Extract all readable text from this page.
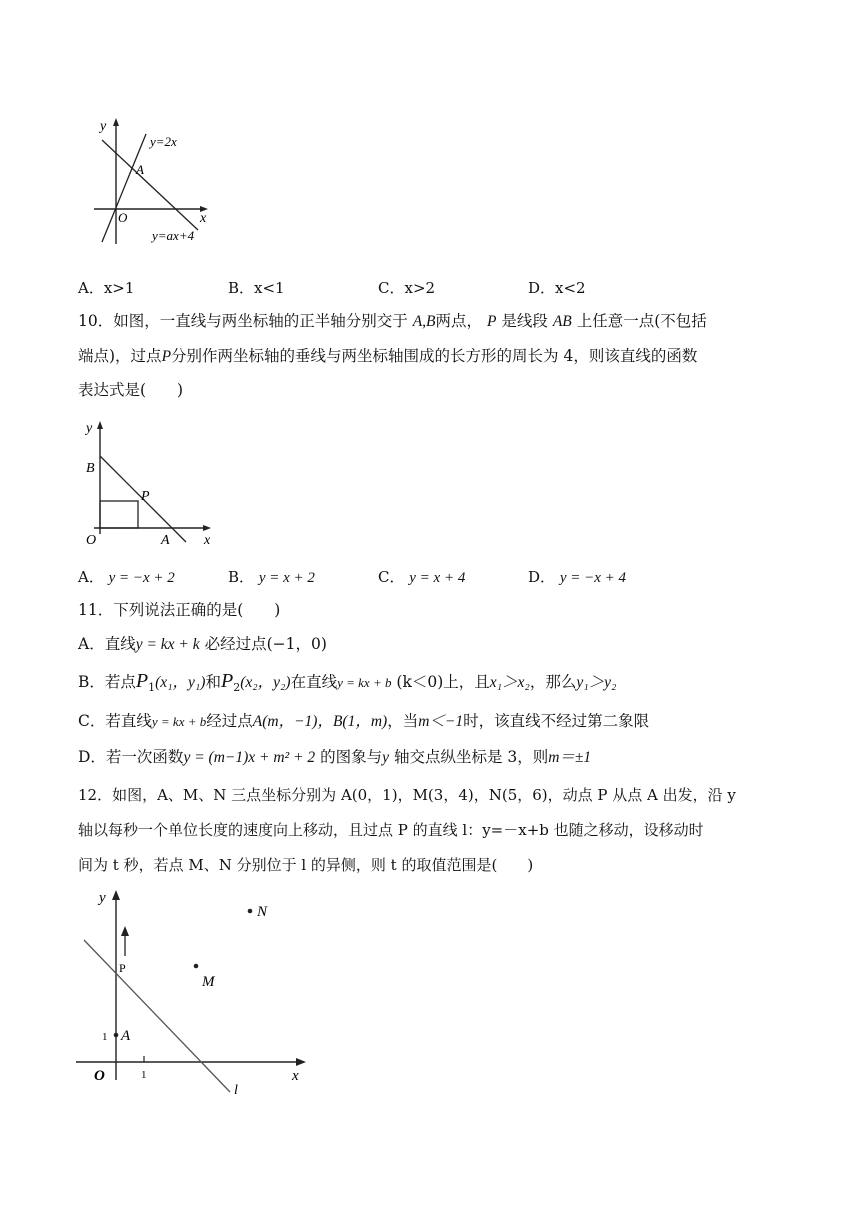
y
x
O
A
y=2x
y=ax+4
A．x>1	B．x<1	C．x>2	D．x<2
10．如图，一直线与两坐标轴的正半轴分别交于 A,B两点， P 是线段 AB 上任意一点(不包括
端点)，过点P分别作两坐标轴的垂线与两坐标轴围成的长方形的周长为 4，则该直线的函数
表达式是(　　)
y
x
O
B
A
P
A． y = −x + 2	B． y = x + 2	C． y = x + 4	D． y = −x + 4
11．下列说法正确的是(　　)
A．直线y = kx + k 必经过点(−1，0)
B．若点$P_1(x_1$，y₁)和$P_2(x_2$，y₂)在直线y = kx + b (k＜0)上，且x₁＞x₂，那么y₁＞y₂
C．若直线y = kx + b经过点A(m，−1)，B(1，m)，当m＜−1时，该直线不经过第二象限
D．若一次函数y = (m−1)x + m² + 2 的图象与y 轴交点纵坐标是 3，则m＝±1
12．如图，A、M、N 三点坐标分别为 A(0，1)，M(3，4)，N(5，6)，动点 P 从点 A 出发，沿 y
轴以每秒一个单位长度的速度向上移动，且过点 P 的直线 l：y=－x+b 也随之移动，设移动时
间为 t 秒，若点 M、N 分别位于 l 的异侧，则 t 的取值范围是(　　)
y
x
O	1
1 A
P
M
N
l
